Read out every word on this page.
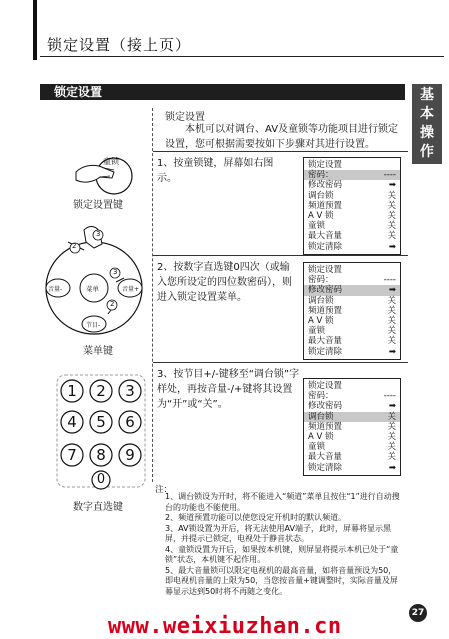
锁定设置（接上页）
锁定设置	基
本
操
作
童锁
锁定设置键
2
3
3
2
菜单
音量-	音量+
节目-
菜单键
1 2 3
4 5 6
7 8 9
0
数字直选键
锁定设置
本机可以对调台、AV及童锁等功能项目进行锁定设置，您可根据需要按如下步骤对其进行设置。
1、按童锁键，屏幕如右图示。
锁定设置
密码：	----
修改密码	➡
调台锁	关
频道预置	关
A V 锁	关
童锁	关
最大音量	关
锁定清除	➡
2、按数字直选键0四次（或输入您所设定的四位数密码），则进入锁定设置菜单。
锁定设置
密码：	----
修改密码	➡
调台锁	关
频道预置	关
A V 锁	关
童锁	关
最大音量	关
锁定清除	➡
3、按节目+/-键移至“调台锁”字样处，再按音量-/+键将其设置为“开”或“关”。
锁定设置
密码：	----
修改密码	➡
调台锁	关
频道预置	关
A V 锁	关
童锁	关
最大音量	关
锁定清除	➡
注：
1、调台锁设为开时，将不能进入“频道”菜单且按住“1”进行自动搜台的功能也不能使用。
2、频道预置功能可以使您设定开机时的默认频道。
3、AV锁设置为开后，将无法使用AV端子，此时，屏幕将显示黑屏，并提示已锁定，电视处于静音状态。
4、童锁设置为开后，如果按本机键，则屏显将提示本机已处于“童锁”状态，本机键不起作用。
5、最大音量锁可以限定电视机的最高音量，如将音量预设为50，即电视机音量的上限为50，当您按音量+键调整时，实际音量及屏幕显示达到50时将不再随之变化。
27
www.weixiuzhan.cn
